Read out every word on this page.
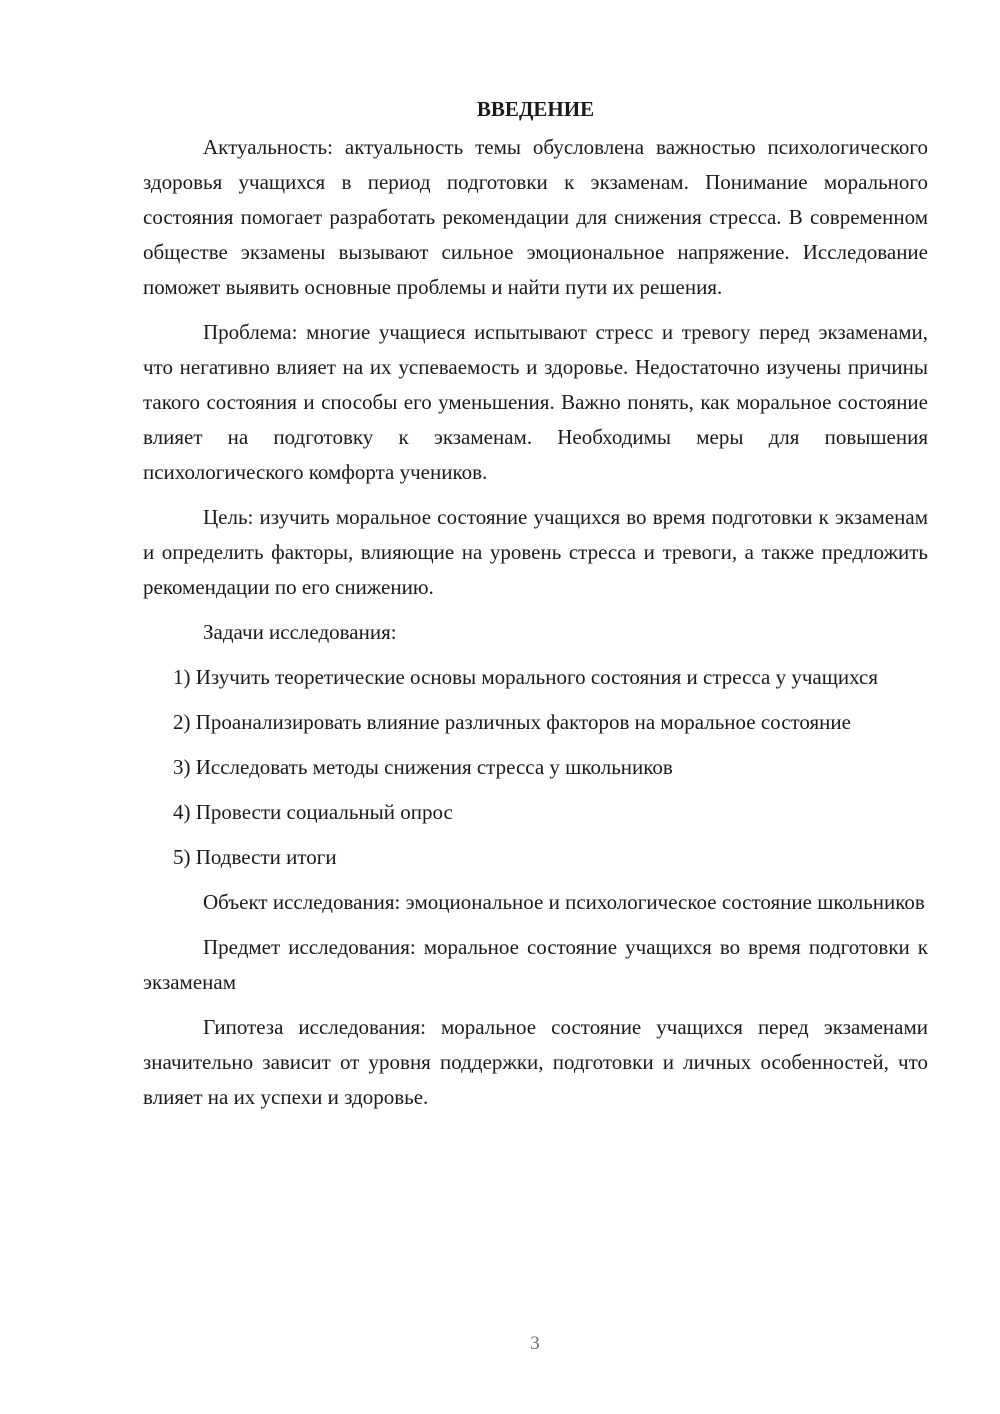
ВВЕДЕНИЕ

Актуальность: актуальность темы обусловлена важностью психологического здоровья учащихся в период подготовки к экзаменам. Понимание морального состояния помогает разработать рекомендации для снижения стресса. В современном обществе экзамены вызывают сильное эмоциональное напряжение. Исследование поможет выявить основные проблемы и найти пути их решения.

Проблема: многие учащиеся испытывают стресс и тревогу перед экзаменами, что негативно влияет на их успеваемость и здоровье. Недостаточно изучены причины такого состояния и способы его уменьшения. Важно понять, как моральное состояние влияет на подготовку к экзаменам. Необходимы меры для повышения психологического комфорта учеников.

Цель: изучить моральное состояние учащихся во время подготовки к экзаменам и определить факторы, влияющие на уровень стресса и тревоги, а также предложить рекомендации по его снижению.

Задачи исследования:

1) Изучить теоретические основы морального состояния и стресса у учащихся

2) Проанализировать влияние различных факторов на моральное состояние

3) Исследовать методы снижения стресса у школьников

4) Провести социальный опрос

5) Подвести итоги

Объект исследования: эмоциональное и психологическое состояние школьников

Предмет исследования: моральное состояние учащихся во время подготовки к экзаменам

Гипотеза исследования: моральное состояние учащихся перед экзаменами значительно зависит от уровня поддержки, подготовки и личных особенностей, что влияет на их успехи и здоровье.

3
